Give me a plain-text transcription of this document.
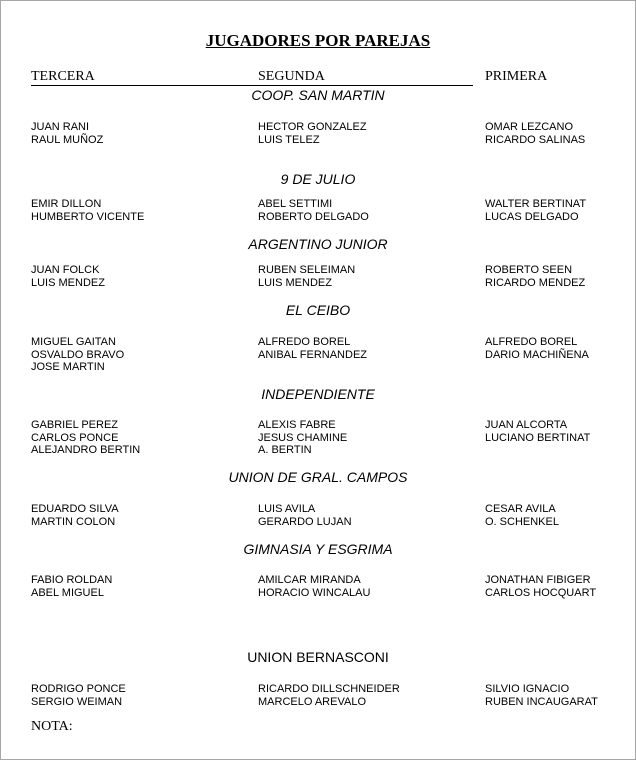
JUGADORES POR PAREJAS
TERCERA	SEGUNDA	PRIMERA
COOP. SAN MARTIN
JUAN RANI
RAUL MUÑOZ
HECTOR GONZALEZ
LUIS TELEZ
OMAR LEZCANO
RICARDO SALINAS
9 DE JULIO
EMIR DILLON
HUMBERTO VICENTE
ABEL SETTIMI
ROBERTO DELGADO
WALTER BERTINAT
LUCAS DELGADO
ARGENTINO JUNIOR
JUAN FOLCK
LUIS MENDEZ
RUBEN SELEIMAN
LUIS MENDEZ
ROBERTO SEEN
RICARDO MENDEZ
EL CEIBO
MIGUEL GAITAN
OSVALDO BRAVO
JOSE MARTIN
ALFREDO BOREL
ANIBAL FERNANDEZ
ALFREDO BOREL
DARIO MACHIÑENA
INDEPENDIENTE
GABRIEL PEREZ
CARLOS PONCE
ALEJANDRO BERTIN
ALEXIS FABRE
JESUS CHAMINE
A. BERTIN
JUAN ALCORTA
LUCIANO BERTINAT
UNION DE GRAL. CAMPOS
EDUARDO SILVA
MARTIN COLON
LUIS AVILA
GERARDO LUJAN
CESAR AVILA
O. SCHENKEL
GIMNASIA Y ESGRIMA
FABIO ROLDAN
ABEL MIGUEL
AMILCAR MIRANDA
HORACIO WINCALAU
JONATHAN FIBIGER
CARLOS HOCQUART
UNION BERNASCONI
RODRIGO PONCE
SERGIO WEIMAN
RICARDO DILLSCHNEIDER
MARCELO AREVALO
SILVIO IGNACIO
RUBEN INCAUGARAT
NOTA:
